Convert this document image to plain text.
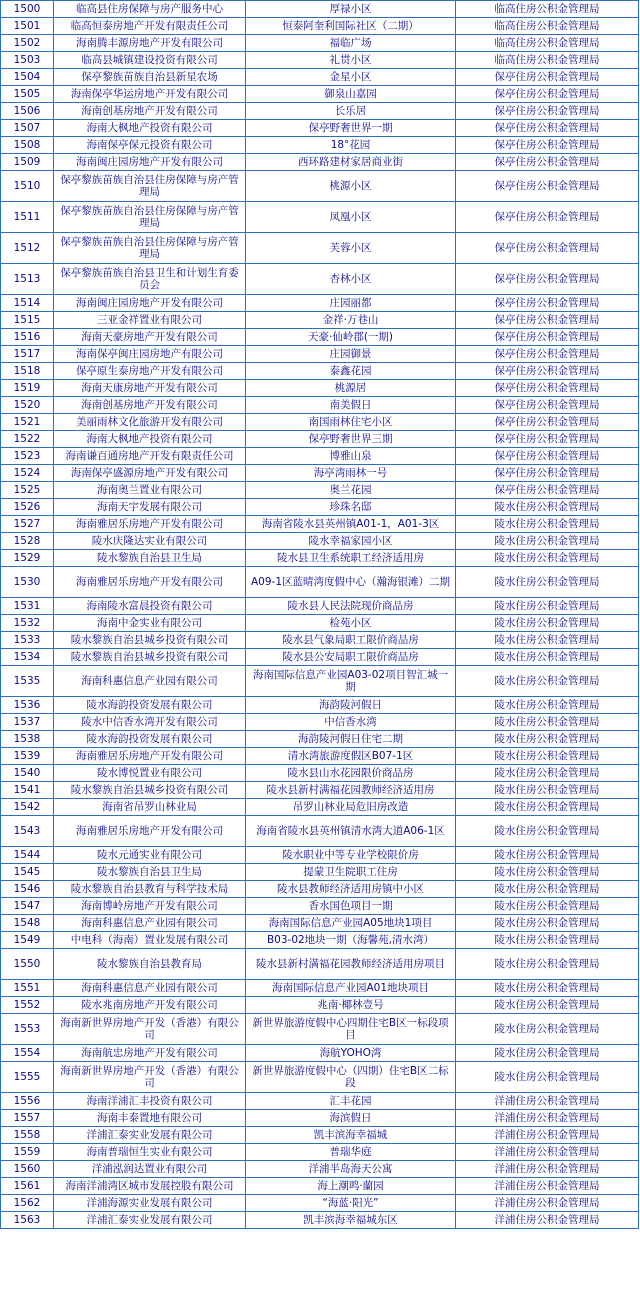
1500	临高县住房保障与房产服务中心	厚禄小区	临高住房公积金管理局
1501	临高恒泰房地产开发有限责任公司	恒泰阿奎利国际社区（二期）	临高住房公积金管理局
1502	海南腾丰源房地产开发有限公司	福临广场	临高住房公积金管理局
1503	临高县城镇建设投资有限公司	礼贯小区	临高住房公积金管理局
1504	保亭黎族苗族自治县新星农场	金星小区	保亭住房公积金管理局
1505	海南保亭华运房地产开发有限公司	御泉山嘉园	保亭住房公积金管理局
1506	海南创基房地产开发有限公司	长乐居	保亭住房公积金管理局
1507	海南大枫地产投资有限公司	保亭野奢世界一期	保亭住房公积金管理局
1508	海南保亭保元投资有限公司	18°花园	保亭住房公积金管理局
1509	海南闽庄园房地产开发有限公司	西环路建材家居商业街	保亭住房公积金管理局
1510	保亭黎族苗族自治县住房保障与房产管理局	桃源小区	保亭住房公积金管理局
1511	保亭黎族苗族自治县住房保障与房产管理局	凤凰小区	保亭住房公积金管理局
1512	保亭黎族苗族自治县住房保障与房产管理局	芙蓉小区	保亭住房公积金管理局
1513	保亭黎族苗族自治县卫生和计划生育委员会	杏林小区	保亭住房公积金管理局
1514	海南闽庄园房地产开发有限公司	庄园丽都	保亭住房公积金管理局
1515	三亚金祥置业有限公司	金祥·万巷山	保亭住房公积金管理局
1516	海南天豪房地产开发有限公司	天豪·仙岭郡(一期)	保亭住房公积金管理局
1517	海南保亭闽庄园房地产有限公司	庄园御景	保亭住房公积金管理局
1518	保亭原生泰房地产开发有限公司	泰鑫花园	保亭住房公积金管理局
1519	海南天康房地产开发有限公司	桃源居	保亭住房公积金管理局
1520	海南创基房地产开发有限公司	南美假日	保亭住房公积金管理局
1521	美丽雨林文化旅游开发有限公司	南国雨林住宅小区	保亭住房公积金管理局
1522	海南大枫地产投资有限公司	保亭野奢世界三期	保亭住房公积金管理局
1523	海南谦百通房地产开发有限责任公司	博雅山泉	保亭住房公积金管理局
1524	海南保亭盛源房地产开发有限公司	海亭湾雨林一号	保亭住房公积金管理局
1525	海南奥兰置业有限公司	奥兰花园	保亭住房公积金管理局
1526	海南天宇发展有限公司	珍珠名邸	陵水住房公积金管理局
1527	海南雅居乐房地产开发有限公司	海南省陵水县英州镇A01-1，A01-3区	陵水住房公积金管理局
1528	陵水庆隆达实业有限公司	陵水幸福家园小区	陵水住房公积金管理局
1529	陵水黎族自治县卫生局	陵水县卫生系统职工经济适用房	陵水住房公积金管理局
1530	海南雅居乐房地产开发有限公司	A09-1区蓝晴湾度假中心（瀚海银滩）二期	陵水住房公积金管理局
1531	海南陵水富晨投资有限公司	陵水县人民法院现价商品房	陵水住房公积金管理局
1532	海南中金实业有限公司	检苑小区	陵水住房公积金管理局
1533	陵水黎族自治县城乡投资有限公司	陵水县气象局职工限价商品房	陵水住房公积金管理局
1534	陵水黎族自治县城乡投资有限公司	陵水县公安局职工限价商品房	陵水住房公积金管理局
1535	海南科惠信息产业园有限公司	海南国际信息产业园A03-02项目智汇城一期	陵水住房公积金管理局
1536	陵水海韵投资发展有限公司	海韵陵河假日	陵水住房公积金管理局
1537	陵水中信香水湾开发有限公司	中信香水湾	陵水住房公积金管理局
1538	陵水海韵投资发展有限公司	海韵陵河假日住宅二期	陵水住房公积金管理局
1539	海南雅居乐房地产开发有限公司	清水湾旅游度假区B07-1区	陵水住房公积金管理局
1540	陵水博悦置业有限公司	陵水县山水花园限价商品房	陵水住房公积金管理局
1541	陵水黎族自治县城乡投资有限公司	陵水县新村满福花园教师经济适用房	陵水住房公积金管理局
1542	海南省吊罗山林业局	吊罗山林业局危旧房改造	陵水住房公积金管理局
1543	海南雅居乐房地产开发有限公司	海南省陵水县英州镇清水湾大道A06-1区	陵水住房公积金管理局
1544	陵水元通实业有限公司	陵水职业中等专业学校限价房	陵水住房公积金管理局
1545	陵水黎族自治县卫生局	提蒙卫生院职工住房	陵水住房公积金管理局
1546	陵水黎族自治县教育与科学技术局	陵水县教师经济适用房镇中小区	陵水住房公积金管理局
1547	海南博岭房地产开发有限公司	香水国色项目一期	陵水住房公积金管理局
1548	海南科惠信息产业园有限公司	海南国际信息产业园A05地块1项目	陵水住房公积金管理局
1549	中电科（海南）置业发展有限公司	B03-02地块一期（海馨苑,清水湾）	陵水住房公积金管理局
1550	陵水黎族自治县教育局	陵水县新村满福花园教师经济适用房项目	陵水住房公积金管理局
1551	海南科惠信息产业园有限公司	海南国际信息产业园A01地块项目	陵水住房公积金管理局
1552	陵水兆南房地产开发有限公司	兆南·椰林壹号	陵水住房公积金管理局
1553	海南新世界房地产开发（香港）有限公司	新世界旅游度假中心四期住宅B区一标段项目	陵水住房公积金管理局
1554	海南航忠房地产开发有限公司	海航YOHO湾	陵水住房公积金管理局
1555	海南新世界房地产开发（香港）有限公司	新世界旅游度假中心（四期）住宅B区二标段	陵水住房公积金管理局
1556	海南洋浦汇丰投资有限公司	汇丰花园	洋浦住房公积金管理局
1557	海南丰泰置地有限公司	海滨假日	洋浦住房公积金管理局
1558	洋浦汇泰实业发展有限公司	凯丰滨海幸福城	洋浦住房公积金管理局
1559	海南普瑞恒生实业有限公司	普瑞华庭	洋浦住房公积金管理局
1560	洋浦泓润达置业有限公司	洋浦半岛海天公寓	洋浦住房公积金管理局
1561	海南洋浦湾区城市发展控股有限公司	海上潮鸣·蘭园	洋浦住房公积金管理局
1562	洋浦海源实业发展有限公司	“海蓝·阳光”	洋浦住房公积金管理局
1563	洋浦汇泰实业发展有限公司	凯丰滨海幸福城东区	洋浦住房公积金管理局
